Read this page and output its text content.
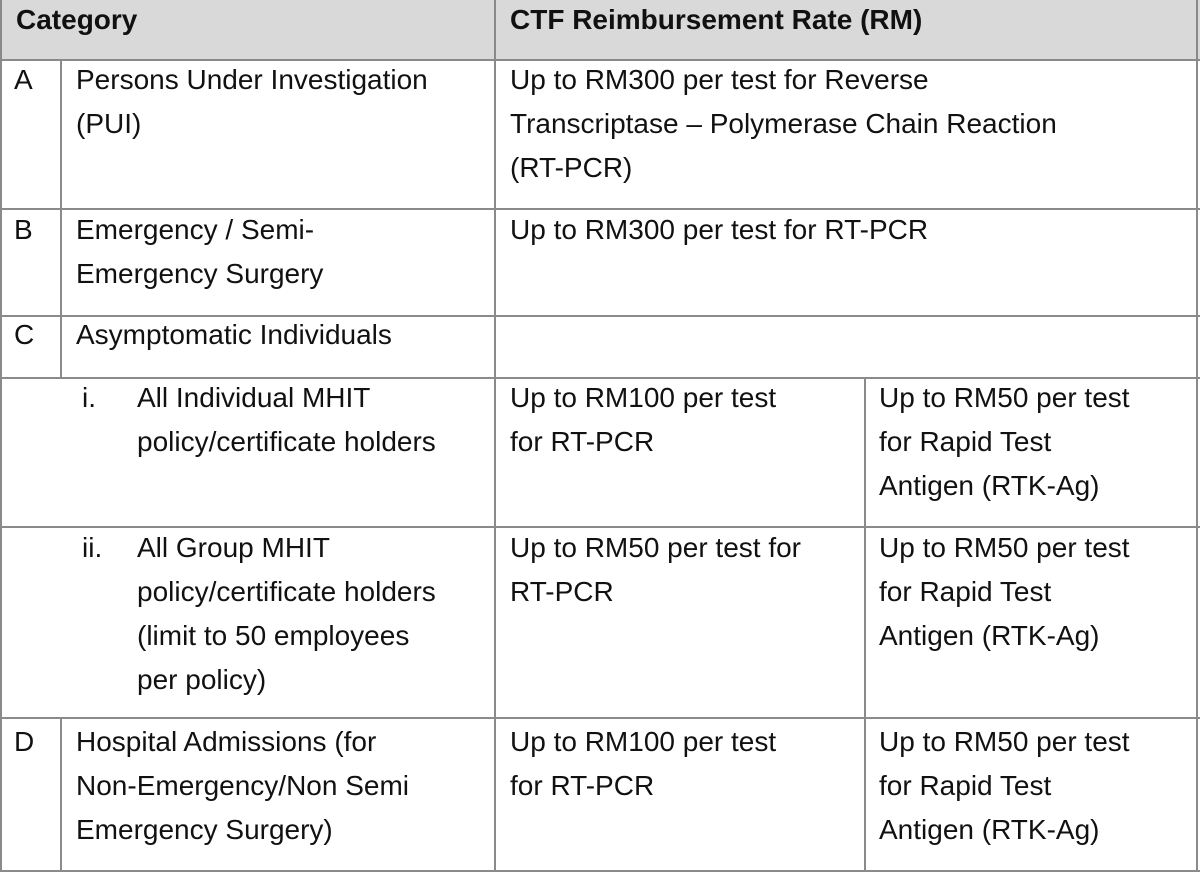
Category	CTF Reimbursement Rate (RM)
A Persons Under Investigation
(PUI)
Up to RM300 per test for Reverse
Transcriptase – Polymerase Chain Reaction
(RT-PCR)
B Emergency / Semi-
Emergency Surgery
Up to RM300 per test for RT-PCR
C Asymptomatic Individuals
i. All Individual MHIT
policy/certificate holders
Up to RM100 per test
for RT-PCR
Up to RM50 per test
for Rapid Test
Antigen (RTK-Ag)
ii. All Group MHIT
policy/certificate holders
(limit to 50 employees
per policy)
Up to RM50 per test for
RT-PCR
Up to RM50 per test
for Rapid Test
Antigen (RTK-Ag)
D Hospital Admissions (for
Non-Emergency/Non Semi
Emergency Surgery)
Up to RM100 per test
for RT-PCR
Up to RM50 per test
for Rapid Test
Antigen (RTK-Ag)
